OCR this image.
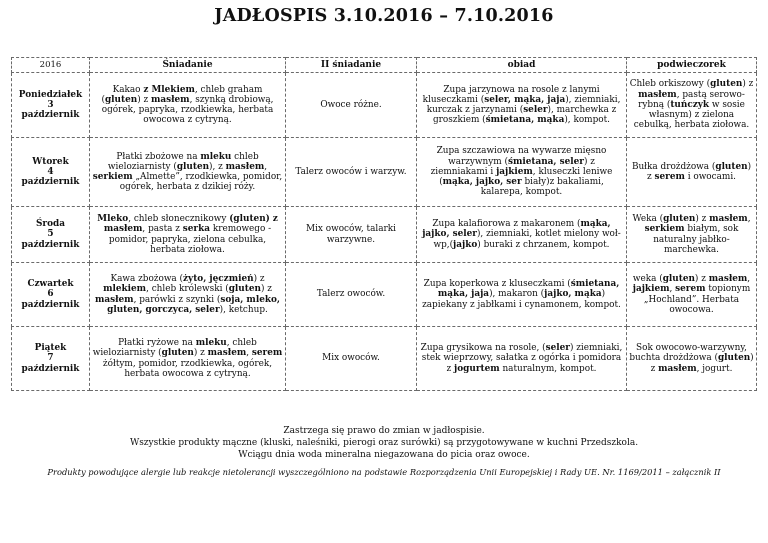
JADŁOSPIS 3.10.2016 – 7.10.2016
2016	Śniadanie	II śniadanie	obiad	podwieczorek

Poniedziałek
3
październik	Kakao z Mlekiem, chleb graham (gluten) z masłem, szynką drobiową, ogórek, papryka, rzodkiewka, herbata owocowa z cytryną.	Owoce różne.	Zupa jarzynowa na rosole z lanymi kluseczkami (seler, mąka, jaja), ziemniaki, kurczak z jarzynami (seler), marchewka z groszkiem (śmietana, mąka), kompot.	Chleb orkiszowy (gluten) z masłem, pastą serowo-rybną (tuńczyk w sosie własnym) z zielona cebulką, herbata ziołowa.

Wtorek
4
październik	Płatki zbożowe na mleku chleb wieloziarnisty (gluten), z masłem, serkiem „Almette”, rzodkiewka, pomidor, ogórek, herbata z dzikiej róży.	Talerz owoców i warzyw.	Zupa szczawiowa na wywarze mięsno warzywnym (śmietana, seler) z ziemniakami i jajkiem, kluseczki leniwe (mąka, jajko, ser biały)z bakaliami, kalarepa, kompot.	Bułka drożdżowa (gluten) z serem i owocami.

Środa
5
październik	Mleko, chleb słonecznikowy (gluten) z masłem, pasta z serka kremowego - pomidor, papryka, zielona cebulka, herbata ziołowa.	Mix owoców, talarki warzywne.	Zupa kalafiorowa z makaronem (mąka, jajko, seler), ziemniaki, kotlet mielony woł-wp,(jajko) buraki z chrzanem, kompot.	Weka (gluten) z masłem, serkiem białym, sok naturalny jabłko-marchewka.

Czwartek
6
październik	Kawa zbożowa (żyto, jęczmień) z mlekiem, chleb królewski (gluten) z masłem, parówki z szynki (soja, mleko, gluten, gorczyca, seler), ketchup.	Talerz owoców.	Zupa koperkowa z kluseczkami (śmietana, mąka, jaja), makaron (jajko, mąka) zapiekany z jabłkami i cynamonem, kompot.	weka (gluten) z masłem, jajkiem, serem topionym „Hochland”. Herbata owocowa.

Piątek
7
październik	Płatki ryżowe na mleku, chleb wieloziarnisty (gluten) z masłem, serem żółtym, pomidor, rzodkiewka, ogórek, herbata owocowa z cytryną.	Mix owoców.	Zupa grysikowa na rosole, (seler) ziemniaki, stek wieprzowy, sałatka z ogórka i pomidora z jogurtem naturalnym, kompot.	Sok owocowo-warzywny, buchta drożdżowa (gluten) z masłem, jogurt.
Zastrzega się prawo do zmian w jadłospisie.
Wszystkie produkty mączne (kluski, naleśniki, pierogi oraz surówki) są przygotowywane w kuchni Przedszkola.
Wciągu dnia woda mineralna niegazowana do picia oraz owoce.
Produkty powodujące alergie lub reakcje nietolerancji wyszczególniono na podstawie Rozporządzenia Unii Europejskiej i Rady UE. Nr. 1169/2011 – załącznik II
